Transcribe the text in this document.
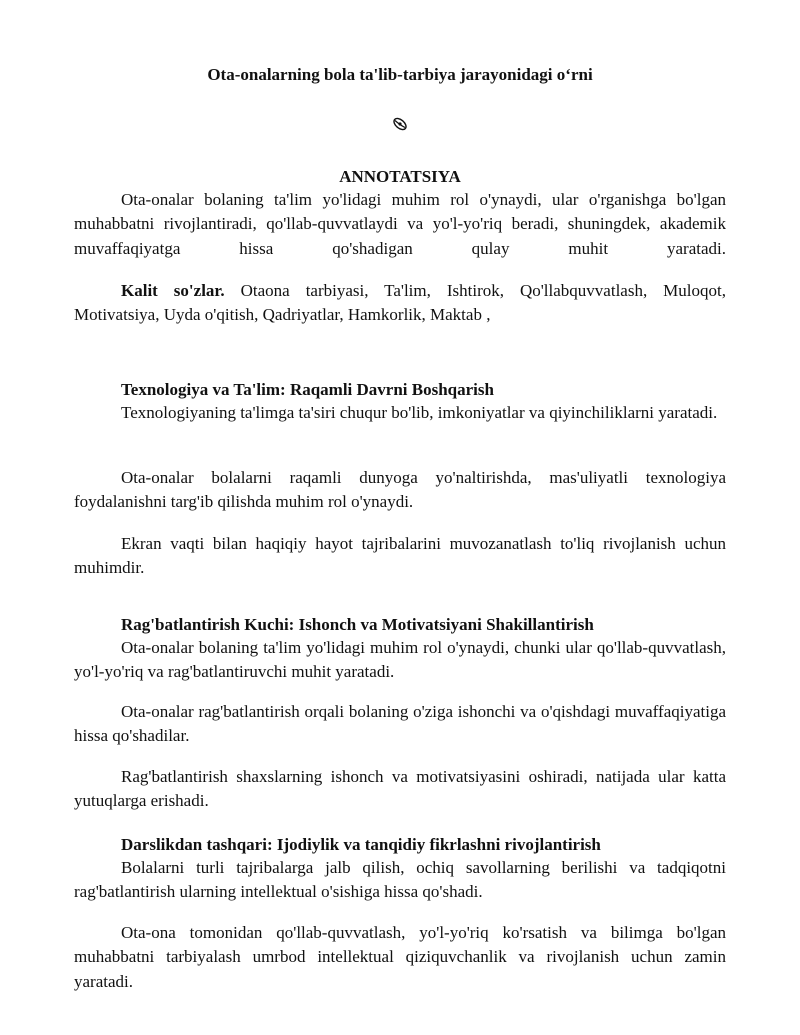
Ota-onalarning bola ta'lib-tarbiya jarayonidagi o‘rni
ANNOTATSIYA

Ota-onalar bolaning ta'lim yo'lidagi muhim rol o'ynaydi, ular o'rganishga bo'lgan muhabbatni rivojlantiradi, qo'llab-quvvatlaydi va yo'l-yo'riq beradi, shuningdek, akademik muvaffaqiyatga hissa qo'shadigan qulay muhit yaratadi.

Kalit so'zlar. Otaona tarbiyasi, Ta'lim, Ishtirok, Qo'llabquvvatlash, Muloqot, Motivatsiya, Uyda o'qitish, Qadriyatlar, Hamkorlik, Maktab ,

Texnologiya va Ta'lim: Raqamli Davrni Boshqarish

Texnologiyaning ta'limga ta'siri chuqur bo'lib, imkoniyatlar va qiyinchiliklarni yaratadi.

Ota-onalar bolalarni raqamli dunyoga yo'naltirishda, mas'uliyatli texnologiya foydalanishni targ'ib qilishda muhim rol o'ynaydi.

Ekran vaqti bilan haqiqiy hayot tajribalarini muvozanatlash to'liq rivojlanish uchun muhimdir.

Rag'batlantirish Kuchi: Ishonch va Motivatsiyani Shakillantirish

Ota-onalar bolaning ta'lim yo'lidagi muhim rol o'ynaydi, chunki ular qo'llab-quvvatlash, yo'l-yo'riq va rag'batlantiruvchi muhit yaratadi.

Ota-onalar rag'batlantirish orqali bolaning o'ziga ishonchi va o'qishdagi muvaffaqiyatiga hissa qo'shadilar.

Rag'batlantirish shaxslarning ishonch va motivatsiyasini oshiradi, natijada ular katta yutuqlarga erishadi.

Darslikdan tashqari: Ijodiylik va tanqidiy fikrlashni rivojlantirish

Bolalarni turli tajribalarga jalb qilish, ochiq savollarning berilishi va tadqiqotni rag'batlantirish ularning intellektual o'sishiga hissa qo'shadi.

Ota-ona tomonidan qo'llab-quvvatlash, yo'l-yo'riq ko'rsatish va bilimga bo'lgan muhabbatni tarbiyalash umrbod intellektual qiziquvchanlik va rivojlanish uchun zamin yaratadi.
